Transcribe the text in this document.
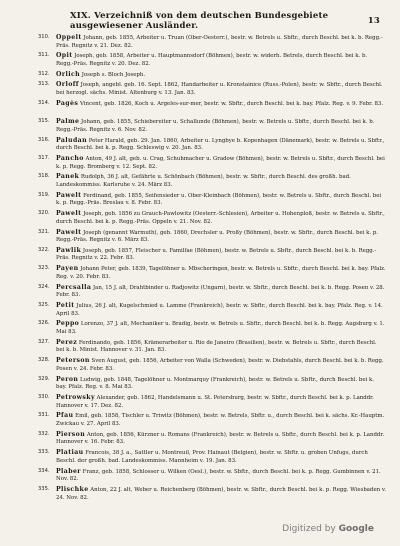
XIX. Verzeichniß von dem deutschen Bundesgebiete ausgewiesener Ausländer.	13
310.	Oppelt Johann, geb. 1855, Arbeiter u. Truan (Ober-Oesterr.), bestr. w. Betrels u. Sbftr., durch Beschl. bei k. b. Regg.-Präs. Regnitz v. 21. Dez. 82.
311.	Opit Joseph, geb. 1858, Arbeiter u. Hauptmannsdorf (Böhmen), bestr. w. widerh. Betrels, durch Beschl. bei k. b. Regg.-Präs. Regnitz v. 20. Dez. 82.
312.	Orlich Joseph s. Bloch Joseph.
313.	Orloff Joseph, angebl. geb. 16. Sept. 1862, Handarbeiter u. Kronstainice (Russ.-Polen), bestr. w. Sbftr., durch Beschl. bei herzogl. sächs. Minist. Altenburg v. 13. Jan. 83.
314.	Pagès Vincent, geb. 1826, Koch u. Argeles-sur-mer, bestr. w. Sbftr., durch Beschl. bei k. bay. Pfalz. Reg. v. 9. Febr. 83.
315.	Palme Johann, geb. 1855, Schiebereiter u. Schallunde (Böhmen), bestr. w. Betrels u. Sbftr., durch Beschl. bei k. b. Regg.-Präs. Regnitz v. 6. Nov. 82.
316.	Paludan Peter Harald, geb. 29. Jan. 1860, Arbeiter u. Lyngbye b. Kopenhagen (Dänemark), bestr. w. Betrels u. Sbftr., durch Beschl. bei k. p. Regg. Schleswig v. 20. Jan. 83.
317.	Pancho Anton, 49 J. alt, geb. u. Crag, Schuhmacher u. Gradow (Böhmen), bestr. w. Betrels u. Sbftr., durch Beschl. bei k. p. Regg. Bromberg v. 12. Sept. 82.
318.	Panek Rudolph, 36 J. alt, Gefährte u. Schönbach (Böhmen), bestr. w. Sbftr., durch Beschl. des großh. bad. Landeskommiss. Karlsruhe v. 24. März 83.
319.	Pawelt Ferdinand, geb. 1855, Seifensieder u. Ober-Kleinbach (Böhmen), bestr. w. Betrels u. Sbftr., durch Beschl. bei k. p. Regg.-Präs. Breslau v. 8. Febr. 83.
320.	Pawelt Joseph, geb. 1856 zu Grauch-Pawlowitz (Oesterr.-Schlesien), Arbeiter u. Hohenploß, bestr. w. Betrels u. Sbftr., durch Beschl. bei k. p. Regg.-Präs. Oppeln v. 21. Nov. 82.
321.	Pawelt Joseph (genannt Warmuth), geb. 1860, Drechsler u. Proßy (Böhmen), bestr. w. Sbftr., durch Beschl. bei k. p. Regg.-Präs. Regnitz v. 6. März 83.
322.	Pawlik Joseph, geb. 1857, Fleischer u. Familfae (Böhmen), bestr. w. Betrels u. Sbftr., durch Beschl. bei k. b. Regg.-Präs. Regnitz v. 22. Febr. 83.
323.	Payen Johann Peter, geb. 1839, Tagelöhner u. Mbscheringen, bestr. w. Betrels u. Sbftr., durch Beschl. bei k. bay. Pfalz. Reg. v. 20. Febr. 83.
324.	Percsalla Jan, 15 J. alt, Drahtbinder u. Radjowitz (Ungarn), bestr. w. Sbftr., durch Beschl. bei k. b. Regg. Posen v. 28. Febr. 83.
325.	Petit Julius, 26 J. alt, Kugelschmied u. Lamme (Frankreich), bestr. w. Sbftr., durch Beschl. bei k. bay. Pfalz. Reg. v. 14. April 83.
326.	Peppo Lorenzo, 37 J. alt, Mechaniker u. Bradig, bestr. w. Betrels u. Sbftr., durch Beschl. bei k. b. Regg. Augsburg v. 1. Mai 83.
327.	Perez Ferdinando, geb. 1856, Krämerarbeiter u. Rio de Janeiro (Brasilien), bestr. w. Betrels u. Sbftr., durch Beschl. bei k. b. Minist. Hannover v. 31. Jan. 83.
328.	Peterson Sven August, geb. 1856, Arbeiter von Walla (Schweden), bestr. w. Diebstahls, durch Beschl. bei k. b. Regg. Posen v. 24. Febr. 83.
329.	Peron Ludwig, geb. 1848, Tagelöhner u. Montmarquy (Frankreich), bestr. w. Betrels u. Sbftr., durch Beschl. bei k. bay. Pfalz. Reg. v. 8. Mai 83.
330.	Petrowsky Alexander, geb. 1862, Handelsmann u. St. Petersburg, bestr. w. Sbftr., durch Beschl. bei k. p. Landdr. Hannover v. 17. Dez. 82.
331.	Pfau Emil, geb. 1858, Tischler u. Triwitz (Böhmen), bestr. w. Betrels, Sbftr. u., durch Beschl. bei k. sächs. Kr.-Hauptm. Zwickau v. 27. April 83.
332.	Pierson Anton, geb. 1856, Kürzner u. Romans (Frankreich), bestr. w. Betrels u. Sbftr., durch Beschl. bei k. p. Landdr. Hannover v. 16. Febr. 83.
333.	Platiau Francois, 38 J. a., Sattler u. Montreuil, Prov. Hainaut (Belgien), bestr. w. Sbftr. u. groben Unfugs, durch Beschl. der großh. bad. Landeskommiss. Mannheim v. 19. Jan. 83.
334.	Plaber Franz, geb. 1858, Schlosser u. Wilken (Oesl.), bestr. w. Sbftr., durch Beschl. bei k. p. Regg. Gumbinnen v. 21. Nov. 82.
335.	Plischke Anton, 22 J. alt, Weber u. Reichenberg (Böhmen), bestr. w. Sbftr., durch Beschl. bei k. p. Regg. Wiesbaden v. 24. Nov. 82.
Digitized by Google
